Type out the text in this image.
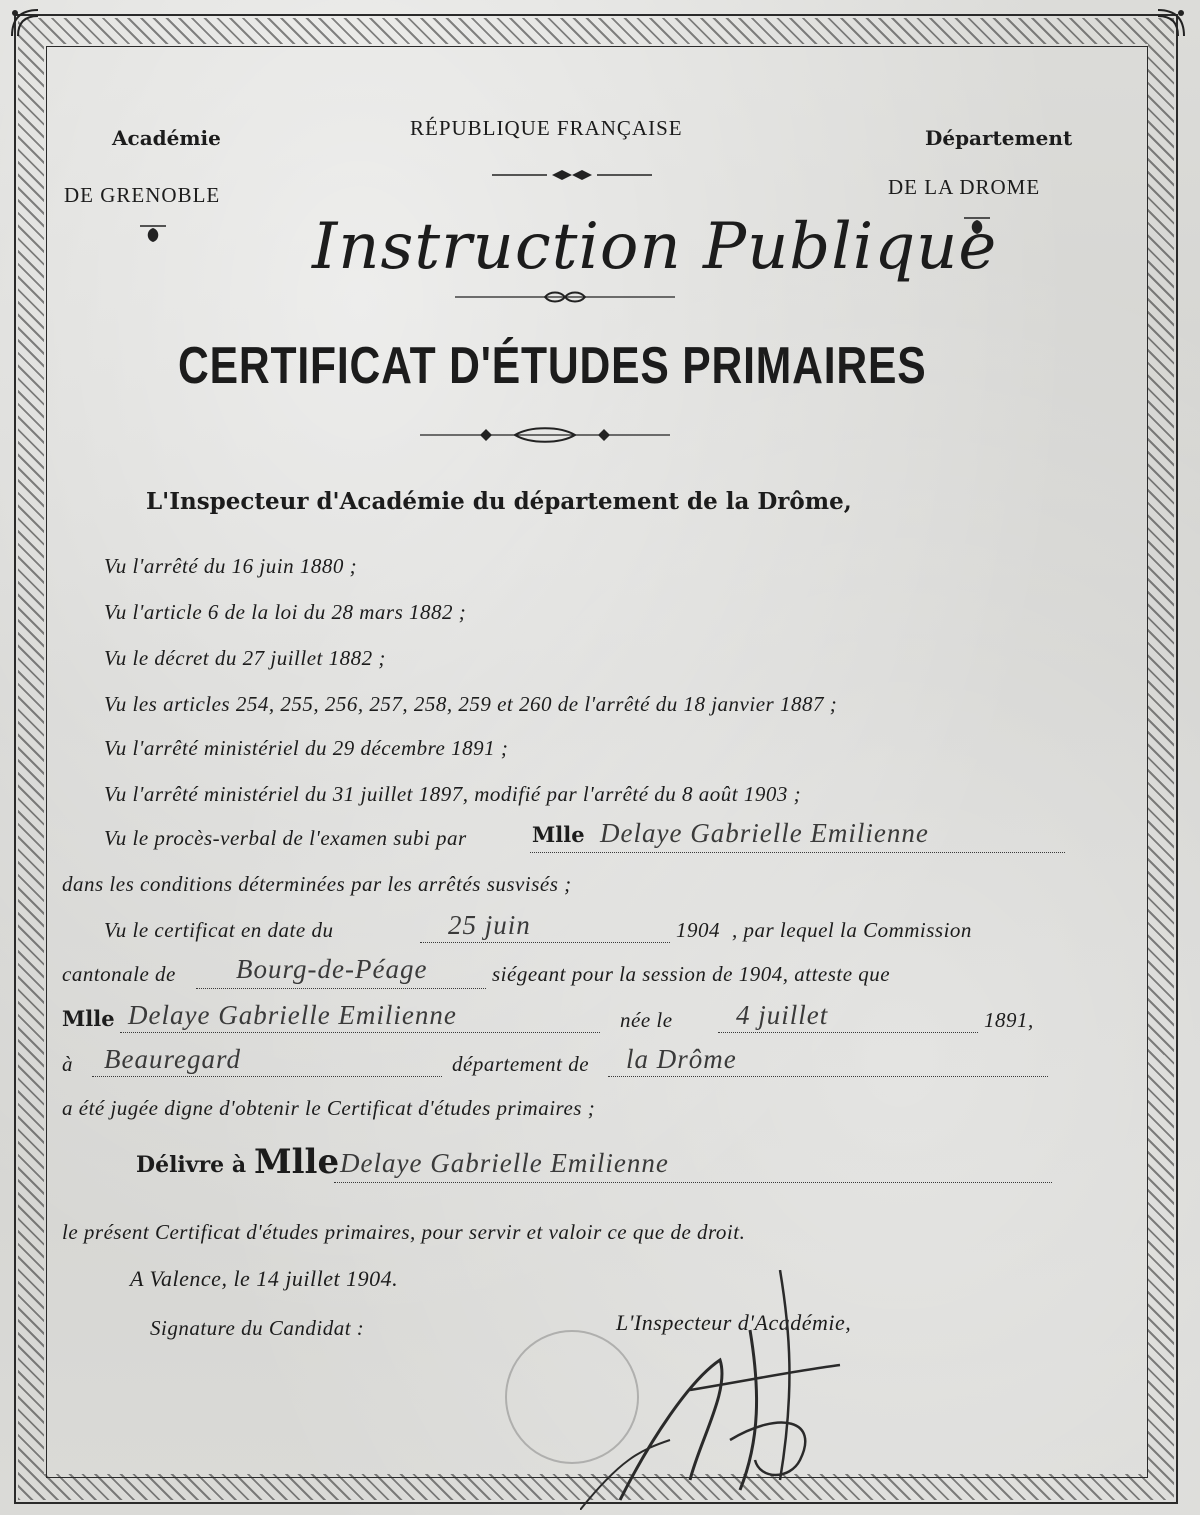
Académie
DE GRENOBLE
RÉPUBLIQUE FRANÇAISE	Département
DE LA DROME
Instruction Publique
CERTIFICAT D'ÉTUDES PRIMAIRES
L'Inspecteur d'Académie du département de la Drôme,
Vu l'arrêté du 16 juin 1880 ;
Vu l'article 6 de la loi du 28 mars 1882 ;
Vu le décret du 27 juillet 1882 ;
Vu les articles 254, 255, 256, 257, 258, 259 et 260 de l'arrêté du 18 janvier 1887 ;
Vu l'arrêté ministériel du 29 décembre 1891 ;
Vu l'arrêté ministériel du 31 juillet 1897, modifié par l'arrêté du 8 août 1903 ;
Vu le procès-verbal de l'examen subi par	Mlle Delaye Gabrielle Emilienne
dans les conditions déterminées par les arrêtés susvisés ;
Vu le certificat en date du	25 juin	1904 , par lequel la Commission
cantonale de Bourg-de-Péage	siégeant pour la session de 1904, atteste que
Mlle Delaye Gabrielle Emilienne	née le 4 juillet	1891,
à Beauregard	département de la Drôme
a été jugée digne d'obtenir le Certificat d'études primaires ;
Délivre à Mlle Delaye Gabrielle Emilienne
le présent Certificat d'études primaires, pour servir et valoir ce que de droit.
A Valence, le 14 juillet 1904.
Signature du Candidat :	L'Inspecteur d'Académie,
